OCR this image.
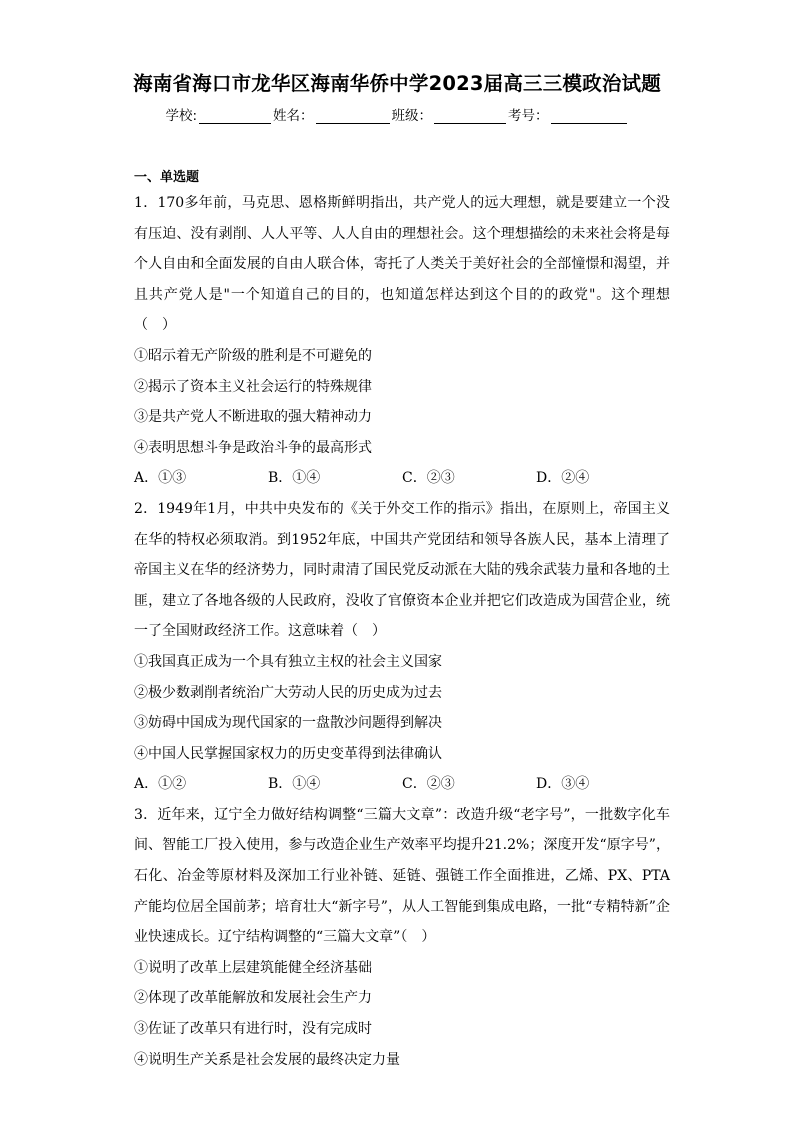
海南省海口市龙华区海南华侨中学2023届高三三模政治试题
学校:	姓名：	班级：	考号：
一、单选题

1．170多年前，马克思、恩格斯鲜明指出，共产党人的远大理想，就是要建立一个没有压迫、没有剥削、人人平等、人人自由的理想社会。这个理想描绘的未来社会将是每个人自由和全面发展的自由人联合体，寄托了人类关于美好社会的全部憧憬和渴望，并且共产党人是"一个知道自己的目的，也知道怎样达到这个目的的政党"。这个理想（　）

①昭示着无产阶级的胜利是不可避免的

②揭示了资本主义社会运行的特殊规律

③是共产党人不断进取的强大精神动力

④表明思想斗争是政治斗争的最高形式

A．①③	B．①④	C．②③	D．②④

2．1949年1月，中共中央发布的《关于外交工作的指示》指出，在原则上，帝国主义在华的特权必须取消。到1952年底，中国共产党团结和领导各族人民，基本上清理了帝国主义在华的经济势力，同时肃清了国民党反动派在大陆的残余武装力量和各地的土匪，建立了各地各级的人民政府，没收了官僚资本企业并把它们改造成为国营企业，统一了全国财政经济工作。这意味着（　）

①我国真正成为一个具有独立主权的社会主义国家

②极少数剥削者统治广大劳动人民的历史成为过去

③妨碍中国成为现代国家的一盘散沙问题得到解决

④中国人民掌握国家权力的历史变革得到法律确认

A．①②	B．①④	C．②③	D．③④

3．近年来，辽宁全力做好结构调整“三篇大文章”：改造升级“老字号”，一批数字化车间、智能工厂投入使用，参与改造企业生产效率平均提升21.2%；深度开发“原字号”，石化、冶金等原材料及深加工行业补链、延链、强链工作全面推进，乙烯、PX、PTA产能均位居全国前茅；培育壮大“新字号”，从人工智能到集成电路，一批“专精特新”企业快速成长。辽宁结构调整的“三篇大文章”（　）

①说明了改革上层建筑能健全经济基础

②体现了改革能解放和发展社会生产力

③佐证了改革只有进行时，没有完成时

④说明生产关系是社会发展的最终决定力量
